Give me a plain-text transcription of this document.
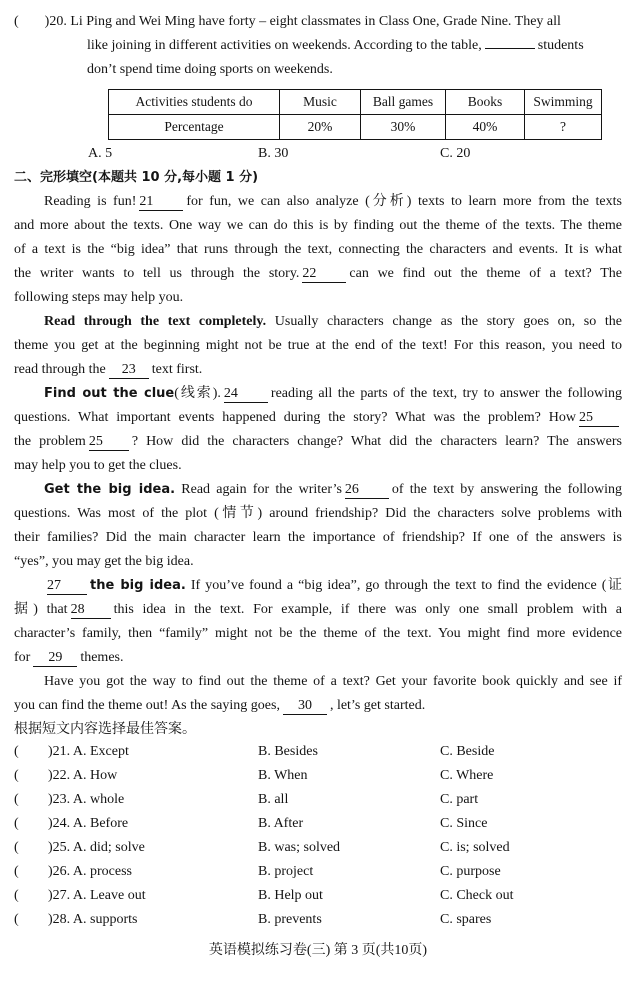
( )20. Li Ping and Wei Ming have forty – eight classmates in Class One, Grade Nine. They all
like joining in different activities on weekends. According to the table,	students
don’t spend time doing sports on weekends.
Activities students do	Music	Ball games	Books	Swimming
Percentage	20%	30%	40%	?
A. 5	B. 30	C. 20
二、完形填空(本题共 10 分,每小题 1 分)
Reading is fun! 21 for fun, we can also analyze (分析) texts to learn more from the texts
and more about the texts. One way we can do this is by finding out the theme of the texts. The theme
of a text is the “big idea” that runs through the text, connecting the characters and events. It is what
the writer wants to tell us through the story. 22 can we find out the theme of a text? The
following steps may help you.
Read through the text completely. Usually characters change as the story goes on, so the
theme you get at the beginning might not be true at the end of the text! For this reason, you need to
read through the 23 text first.
Find out the clue(线索). 24 reading all the parts of the text, try to answer the following
questions. What important events happened during the story? What was the problem? How 25
the problem 25 ? How did the characters change? What did the characters learn? The answers
may help you to get the clues.
Get the big idea. Read again for the writer’s 26 of the text by answering the following
questions. Was most of the plot (情节) around friendship? Did the characters solve problems with
their families? Did the main character learn the importance of friendship? If one of the answers is
“yes”, you may get the big idea.
27 the big idea. If you’ve found a “big idea”, go through the text to find the evidence (证
据) that 28 this idea in the text. For example, if there was only one small problem with a
character’s family, then “family” might not be the theme of the text. You might find more evidence
for 29 themes.
Have you got the way to find out the theme of a text? Get your favorite book quickly and see if
you can find the theme out! As the saying goes, 30 , let’s get started.
根据短文内容选择最佳答案。
( )21. A. Except	B. Besides	C. Beside
( )22. A. How	B. When	C. Where
( )23. A. whole	B. all	C. part
( )24. A. Before	B. After	C. Since
( )25. A. did; solve	B. was; solved	C. is; solved
( )26. A. process	B. project	C. purpose
( )27. A. Leave out	B. Help out	C. Check out
( )28. A. supports	B. prevents	C. spares
英语模拟练习卷(三) 第 3 页(共10页)
